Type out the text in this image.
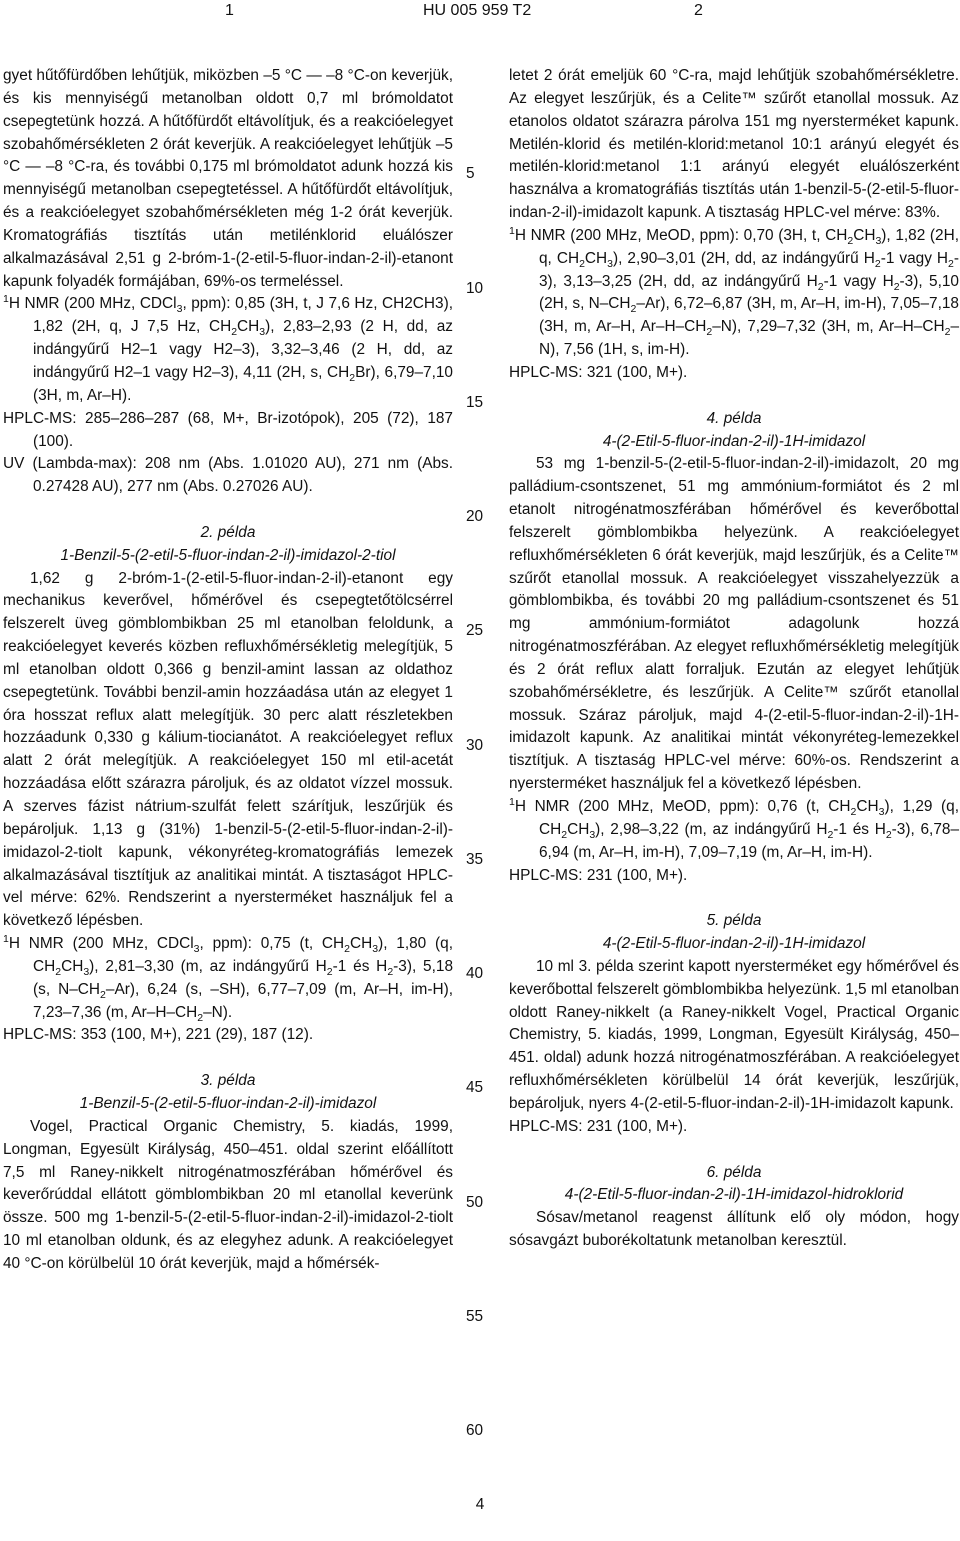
1	HU 005 959 T2	2

gyet hűtőfürdőben lehűtjük, miközben –5 °C — –8 °C-on keverjük, és kis mennyiségű metanolban oldott 0,7 ml brómoldatot csepegtetünk hozzá. A hűtőfürdőt eltávolítjuk, és a reakcióelegyet szobahőmérsékleten 2 órát keverjük. A reakcióelegyet lehűtjük –5 °C — –8 °C-ra, és további 0,175 ml brómoldatot adunk hozzá kis mennyiségű metanolban csepegtetéssel. A hűtőfürdőt eltávolítjuk, és a reakcióelegyet szobahőmérsékleten még 1-2 órát keverjük. Kromatográfiás tisztítás után metilénklorid eluálószer alkalmazásával 2,51 g 2-bróm-1-(2-etil-5-fluor-indan-2-il)-etanont kapunk folyadék formájában, 69%-os termeléssel.

$^1$H NMR (200 MHz, CDCl$_3$, ppm): 0,85 (3H, t, J 7,6 Hz, CH2CH3), 1,82 (2H, q, J 7,5 Hz, $CH_2CH_3$), 2,83–2,93 (2 H, dd, az indángyűrű H2–1 vagy H2–3), 3,32–3,46 (2 H, dd, az indángyűrű H2–1 vagy H2–3), 4,11 (2H, s, $CH_2Br$), 6,79–7,10 (3H, m, Ar–H).

HPLC-MS: 285–286–287 (68, M+, Br-izotópok), 205 (72), 187 (100).

UV (Lambda-max): 208 nm (Abs. 1.01020 AU), 271 nm (Abs. 0.27428 AU), 277 nm (Abs. 0.27026 AU).

2. példa

1-Benzil-5-(2-etil-5-fluor-indan-2-il)-imidazol-2-tiol

1,62 g 2-bróm-1-(2-etil-5-fluor-indan-2-il)-etanont egy mechanikus keverővel, hőmérővel és csepegtetőtölcsérrel felszerelt üveg gömblombikban 25 ml etanolban feloldunk, a reakcióelegyet keverés közben refluxhőmérsékletig melegítjük, 5 ml etanolban oldott 0,366 g benzil-amint lassan az oldathoz csepegtetünk. További benzil-amin hozzáadása után az elegyet 1 óra hosszat reflux alatt melegítjük. 30 perc alatt részletekben hozzáadunk 0,330 g kálium-tiocianátot. A reakcióelegyet reflux alatt 2 órát melegítjük. A reakcióelegyet 150 ml etil-acetát hozzáadása előtt szárazra pároljuk, és az oldatot vízzel mossuk. A szerves fázist nátrium-szulfát felett szárítjuk, leszűrjük és bepároljuk. 1,13 g (31%) 1-benzil-5-(2-etil-5-fluor-indan-2-il)-imidazol-2-tiolt kapunk, vékonyréteg-kromatográfiás lemezek alkalmazásával tisztítjuk az analitikai mintát. A tisztaságot HPLC-vel mérve: 62%. Rendszerint a nyersterméket használjuk fel a következő lépésben.

$^1$H NMR (200 MHz, CDCl$_3$, ppm): 0,75 (t, $CH_2CH_3$), 1,80 (q, $CH_2CH_3$), 2,81–3,30 (m, az indángyűrű $H_2-1$ és $H_2-3$), 5,18 (s, $N-CH_2-Ar$), 6,24 (s, –SH), 6,77–7,09 (m, Ar–H, im-H), 7,23–7,36 (m, $Ar-H-CH_2-N$).

HPLC-MS: 353 (100, M+), 221 (29), 187 (12).

3. példa

1-Benzil-5-(2-etil-5-fluor-indan-2-il)-imidazol

Vogel, Practical Organic Chemistry, 5. kiadás, 1999, Longman, Egyesült Királyság, 450–451. oldal szerint előállított 7,5 ml Raney-nikkelt nitrogénatmoszférában hőmérővel és keverőrúddal ellátott gömblombikban 20 ml etanollal keverünk össze. 500 mg 1-benzil-5-(2-etil-5-fluor-indan-2-il)-imidazol-2-tiolt 10 ml etanolban oldunk, és az elegyhez adunk. A reakcióelegyet 40 °C-on körülbelül 10 órát keverjük, majd a hőmérsék-

5
10
15
20
25
30
35
40
45
50
55
60

letet 2 órát emeljük 60 °C-ra, majd lehűtjük szobahőmérsékletre. Az elegyet leszűrjük, és a Celite™ szűrőt etanollal mossuk. Az etanolos oldatot szárazra párolva 151 mg nyersterméket kapunk. Metilén-klorid és metilén-klorid:metanol 10:1 arányú elegyét és metilén-klorid:metanol 1:1 arányú elegyét eluálószerként használva a kromatográfiás tisztítás után 1-benzil-5-(2-etil-5-fluor-indan-2-il)-imidazolt kapunk. A tisztaság HPLC-vel mérve: 83%.

$^1$H NMR (200 MHz, MeOD, ppm): 0,70 (3H, t, $CH_2CH_3$), 1,82 (2H, q, $CH_2CH_3$), 2,90–3,01 (2H, dd, az indángyűrű $H_2-1$ vagy $H_2-3$), 3,13–3,25 (2H, dd, az indángyűrű $H_2-1$ vagy $H_2-3$), 5,10 (2H, s, $N-CH_2-Ar$), 6,72–6,87 (3H, m, Ar–H, im-H), 7,05–7,18 (3H, m, Ar–H, $Ar-H-CH_2-N$), 7,29–7,32 (3H, m, $Ar-H-CH_2-N$), 7,56 (1H, s, im-H).

HPLC-MS: 321 (100, M+).

4. példa

4-(2-Etil-5-fluor-indan-2-il)-1H-imidazol

53 mg 1-benzil-5-(2-etil-5-fluor-indan-2-il)-imidazolt, 20 mg palládium-csontszenet, 51 mg ammónium-formiátot és 2 ml etanolt nitrogénatmoszférában hőmérővel és keverőbottal felszerelt gömblombikba helyezünk. A reakcióelegyet refluxhőmérsékleten 6 órát keverjük, majd leszűrjük, és a Celite™ szűrőt etanollal mossuk. A reakcióelegyet visszahelyezzük a gömblombikba, és további 20 mg palládium-csontszenet és 51 mg ammónium-formiátot adagolunk hozzá nitrogénatmoszférában. Az elegyet refluxhőmérsékletig melegítjük és 2 órát reflux alatt forraljuk. Ezután az elegyet lehűtjük szobahőmérsékletre, és leszűrjük. A Celite™ szűrőt etanollal mossuk. Száraz pároljuk, majd 4-(2-etil-5-fluor-indan-2-il)-1H-imidazolt kapunk. Az analitikai mintát vékonyréteg-lemezekkel tisztítjuk. A tisztaság HPLC-vel mérve: 60%-os. Rendszerint a nyersterméket használjuk fel a következő lépésben.

$^1$H NMR (200 MHz, MeOD, ppm): 0,76 (t, $CH_2CH_3$), 1,29 (q, $CH_2CH_3$), 2,98–3,22 (m, az indángyűrű $H_2-1$ és $H_2-3$), 6,78–6,94 (m, Ar–H, im-H), 7,09–7,19 (m, Ar–H, im-H).

HPLC-MS: 231 (100, M+).

5. példa

4-(2-Etil-5-fluor-indan-2-il)-1H-imidazol

10 ml 3. példa szerint kapott nyersterméket egy hőmérővel és keverőbottal felszerelt gömblombikba helyezünk. 1,5 ml etanolban oldott Raney-nikkelt (a Raney-nikkelt Vogel, Practical Organic Chemistry, 5. kiadás, 1999, Longman, Egyesült Királyság, 450–451. oldal) adunk hozzá nitrogénatmoszférában. A reakcióelegyet refluxhőmérsékleten körülbelül 14 órát keverjük, leszűrjük, bepároljuk, nyers 4-(2-etil-5-fluor-indan-2-il)-1H-imidazolt kapunk.

HPLC-MS: 231 (100, M+).

6. példa

4-(2-Etil-5-fluor-indan-2-il)-1H-imidazol-hidroklorid

Sósav/metanol reagenst állítunk elő oly módon, hogy sósavgázt buborékoltatunk metanolban keresztül.

4
